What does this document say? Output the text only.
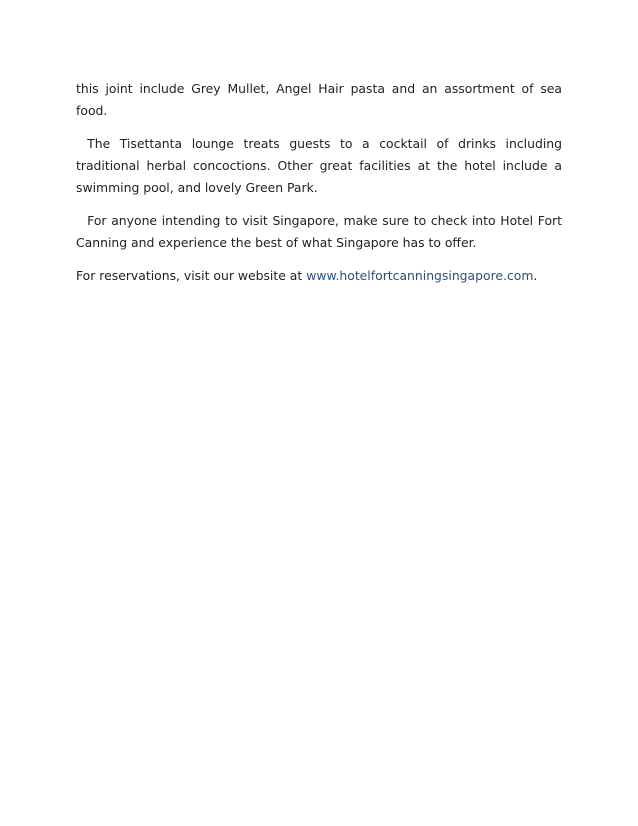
this joint include Grey Mullet, Angel Hair pasta and an assortment of sea food.

The Tisettanta lounge treats guests to a cocktail of drinks including traditional herbal concoctions. Other great facilities at the hotel include a swimming pool, and lovely Green Park.

For anyone intending to visit Singapore, make sure to check into Hotel Fort Canning and experience the best of what Singapore has to offer.

For reservations, visit our website at www.hotelfortcanningsingapore.com.
